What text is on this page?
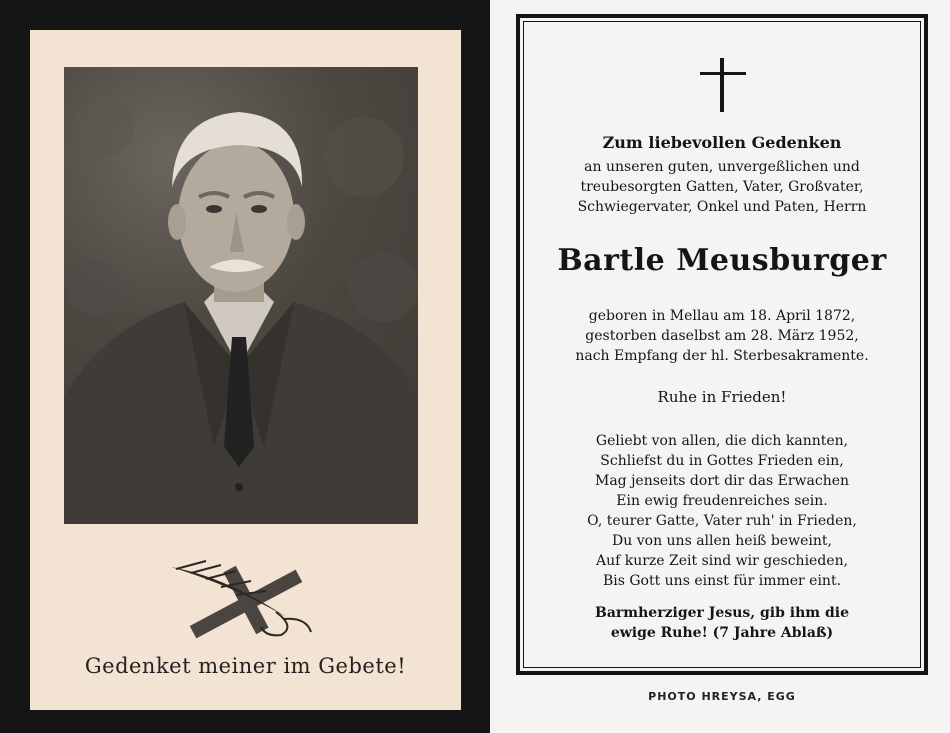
Gedenket meiner im Gebete!
Zum liebevollen Gedenken
an unseren guten, unvergeßlichen und
treubesorgten Gatten, Vater, Großvater,
Schwiegervater, Onkel und Paten, Herrn
Bartle Meusburger
geboren in Mellau am 18. April 1872,
gestorben daselbst am 28. März 1952,
nach Empfang der hl. Sterbesakramente.
Ruhe in Frieden!
Geliebt von allen, die dich kannten,
Schliefst du in Gottes Frieden ein,
Mag jenseits dort dir das Erwachen
Ein ewig freudenreiches sein.
O, teurer Gatte, Vater ruh' in Frieden,
Du von uns allen heiß beweint,
Auf kurze Zeit sind wir geschieden,
Bis Gott uns einst für immer eint.
Barmherziger Jesus, gib ihm die
ewige Ruhe! (7 Jahre Ablaß)
PHOTO HREYSA, EGG
